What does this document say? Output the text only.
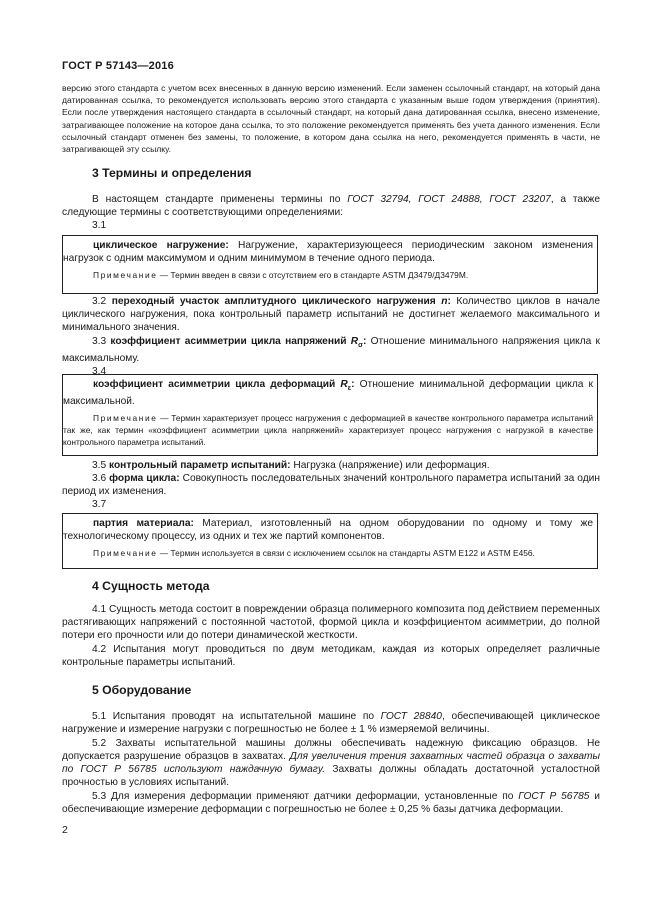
ГОСТ Р 57143—2016

версию этого стандарта с учетом всех внесенных в данную версию изменений. Если заменен ссылочный стандарт, на который дана датированная ссылка, то рекомендуется использовать версию этого стандарта с указанным выше годом утверждения (принятия). Если после утверждения настоящего стандарта в ссылочный стандарт, на который дана датированная ссылка, внесено изменение, затрагивающее положение на которое дана ссылка, то это положение рекомендуется применять без учета данного изменения. Если ссылочный стандарт отменен без замены, то положение, в котором дана ссылка на него, рекомендуется применять в части, не затрагивающей эту ссылку.

3 Термины и определения

В настоящем стандарте применены термины по ГОСТ 32794, ГОСТ 24888, ГОСТ 23207, а также следующие термины с соответствующими определениями:

3.1

циклическое нагружение: Нагружение, характеризующееся периодическим законом изменения нагрузок с одним максимумом и одним минимумом в течение одного периода.

Примечание — Термин введен в связи с отсутствием его в стандарте ASTM Д3479/Д3479М.

3.2 переходный участок амплитудного циклического нагружения n: Количество циклов в начале циклического нагружения, пока контрольный параметр испытаний не достигнет желаемого максимального и минимального значения.

3.3 коэффициент асимметрии цикла напряжений $R_\sigma$: Отношение минимального напряжения цикла к максимальному.

3.4

коэффициент асимметрии цикла деформаций $R_\varepsilon$: Отношение минимальной деформации цикла к максимальной.

Примечание — Термин характеризует процесс нагружения с деформацией в качестве контрольного параметра испытаний так же, как термин «коэффициент асимметрии цикла напряжений» характеризует процесс нагружения с нагрузкой в качестве контрольного параметра испытаний.

3.5 контрольный параметр испытаний: Нагрузка (напряжение) или деформация.

3.6 форма цикла: Совокупность последовательных значений контрольного параметра испытаний за один период их изменения.

3.7

партия материала: Материал, изготовленный на одном оборудовании по одному и тому же технологическому процессу, из одних и тех же партий компонентов.

Примечание — Термин используется в связи с исключением ссылок на стандарты ASTM E122 и ASTM E456.

4 Сущность метода

4.1 Сущность метода состоит в повреждении образца полимерного композита под действием переменных растягивающих напряжений с постоянной частотой, формой цикла и коэффициентом асимметрии, до полной потери его прочности или до потери динамической жесткости.

4.2 Испытания могут проводиться по двум методикам, каждая из которых определяет различные контрольные параметры испытаний.

5 Оборудование

5.1 Испытания проводят на испытательной машине по ГОСТ 28840, обеспечивающей циклическое нагружение и измерение нагрузки с погрешностью не более ± 1 % измеряемой величины.

5.2 Захваты испытательной машины должны обеспечивать надежную фиксацию образцов. Не допускается разрушение образцов в захватах. Для увеличения трения захватных частей образца о захваты по ГОСТ Р 56785 используют наждачную бумагу. Захваты должны обладать достаточной усталостной прочностью в условиях испытаний.

5.3 Для измерения деформации применяют датчики деформации, установленные по ГОСТ Р 56785 и обеспечивающие измерение деформации с погрешностью не более ± 0,25 % базы датчика деформации.

2
